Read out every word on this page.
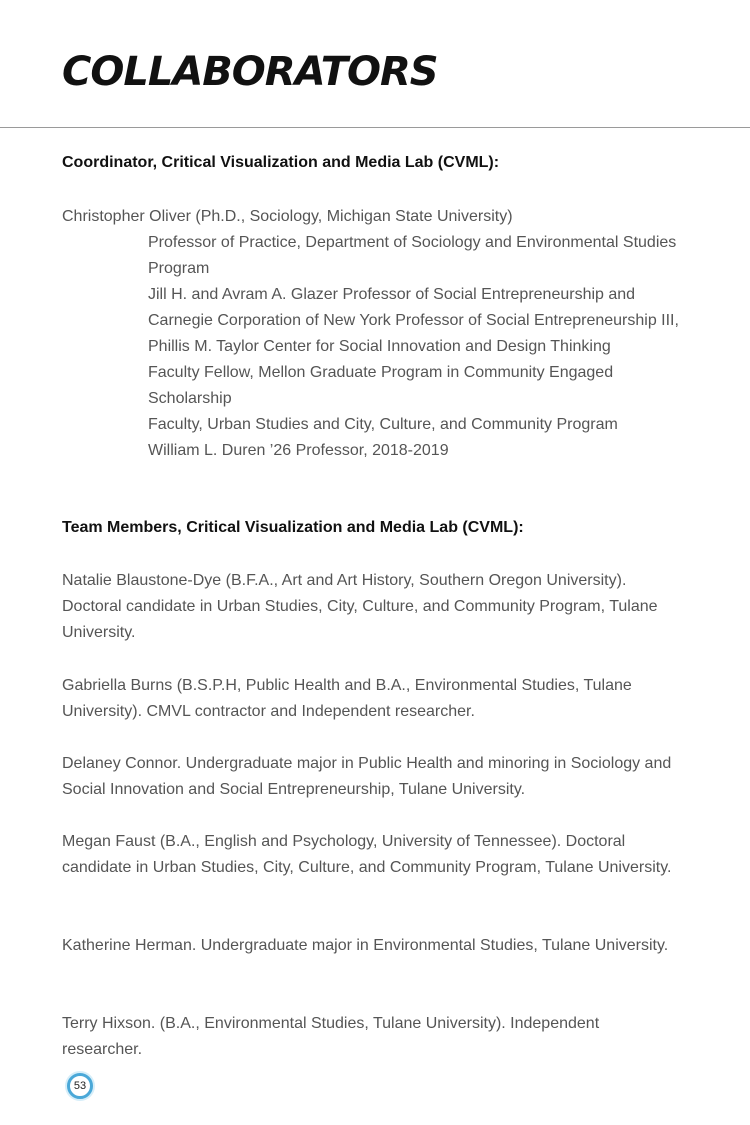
COLLABORATORS
Coordinator, Critical Visualization and Media Lab (CVML):

Christopher Oliver (Ph.D., Sociology, Michigan State University)

Professor of Practice, Department of Sociology and Environmental Studies Program

Jill H. and Avram A. Glazer Professor of Social Entrepreneurship and Carnegie Corporation of New York Professor of Social Entrepreneurship III, Phillis M. Taylor Center for Social Innovation and Design Thinking

Faculty Fellow, Mellon Graduate Program in Community Engaged Scholarship

Faculty, Urban Studies and City, Culture, and Community Program

William L. Duren ’26 Professor, 2018-2019

Team Members, Critical Visualization and Media Lab (CVML):

Natalie Blaustone-Dye (B.F.A., Art and Art History, Southern Oregon University). Doctoral candidate in Urban Studies, City, Culture, and Community Program, Tulane University.

Gabriella Burns (B.S.P.H, Public Health and B.A., Environmental Studies, Tulane University). CMVL contractor and Independent researcher.

Delaney Connor. Undergraduate major in Public Health and minoring in Sociology and Social Innovation and Social Entrepreneurship, Tulane University.

Megan Faust (B.A., English and Psychology, University of Tennessee). Doctoral candidate in Urban Studies, City, Culture, and Community Program, Tulane University.

Katherine Herman. Undergraduate major in Environmental Studies, Tulane University.

Terry Hixson. (B.A., Environmental Studies, Tulane University). Independent researcher.

53
